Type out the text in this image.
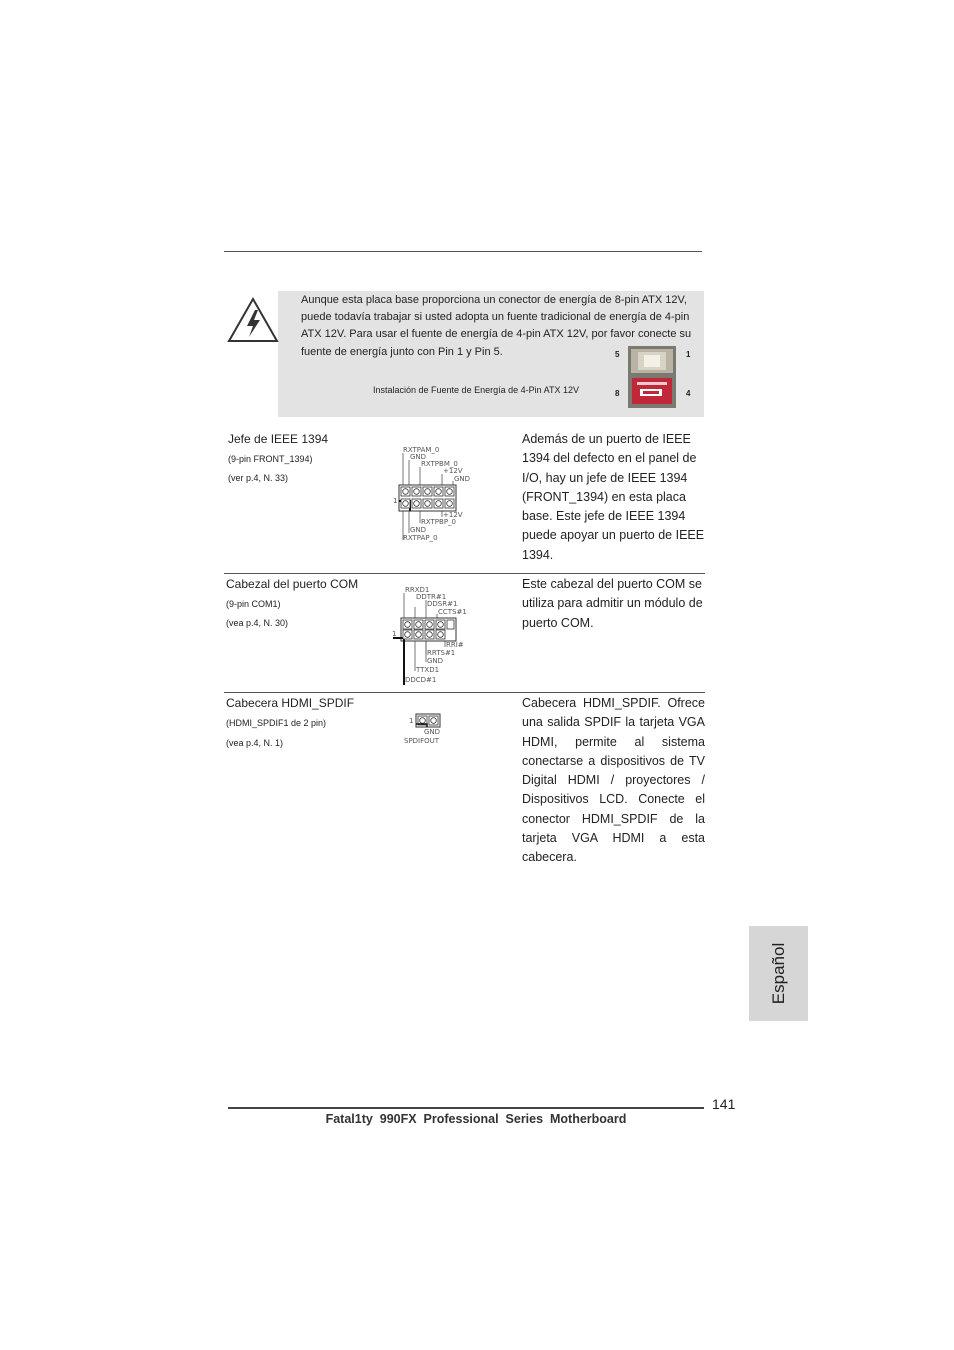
Aunque esta placa base proporciona un conector de energía de 8-pin ATX 12V, puede todavía trabajar si usted adopta un fuente tradicional de energía de 4-pin ATX 12V. Para usar el fuente de energía de 4-pin ATX 12V, por favor conecte su fuente de energía junto con Pin 1 y Pin 5.
Instalación de Fuente de Energía de 4-Pin ATX 12V
5	1
8	4
Jefe de IEEE 1394
(9-pin FRONT_1394)
(ver p.4, N. 33)
RXTPAM_0
GND
RXTPBM_0
+12V
GND
+12V
RXTPBP_0
GND
RXTPAP_0
1
Además de un puerto de IEEE 1394 del defecto en el panel de I/O, hay un jefe de IEEE 1394 (FRONT_1394) en esta placa base. Este jefe de IEEE 1394 puede apoyar un puerto de IEEE 1394.
Cabezal del puerto COM
(9-pin COM1)
(vea p.4, N. 30)
RRXD1
DDTR#1
DDSR#1
CCTS#1
RRI#
RRTS#1
GND
TTXD1
DDCD#1
1
Este cabezal del puerto COM se utiliza para admitir un módulo de puerto COM.
Cabecera HDMI_SPDIF
(HDMI_SPDIF1 de 2 pin)
(vea p.4, N. 1)
GND
SPDIFOUT
1
Cabecera HDMI_SPDIF. Ofrece una salida SPDIF la tarjeta VGA HDMI, permite al sistema conectarse a dispositivos de TV Digital HDMI / proyectores / Dispositivos LCD. Conecte el conector HDMI_SPDIF de la tarjeta VGA HDMI a esta cabecera.
Español
141
Fatal1ty  990FX  Professional  Series  Motherboard
